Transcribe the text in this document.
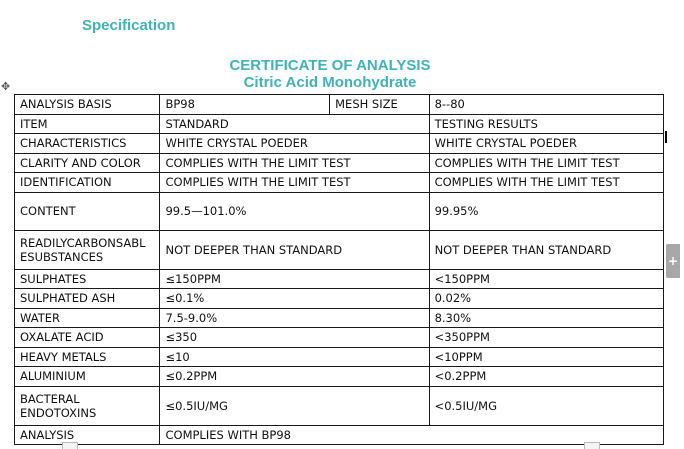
Specification
CERTIFICATE OF ANALYSIS
Citric Acid Monohydrate
✥
+
ANALYSIS BASIS	BP98	MESH SIZE	8--80
ITEM	STANDARD		TESTING RESULTS
CHARACTERISTICS	WHITE CRYSTAL POEDER		WHITE CRYSTAL POEDER
CLARITY AND COLOR	COMPLIES WITH THE LIMIT TEST		COMPLIES WITH THE LIMIT TEST
IDENTIFICATION	COMPLIES WITH THE LIMIT TEST		COMPLIES WITH THE LIMIT TEST
CONTENT	99.5—101.0%		99.95%
READILYCARBONSABL
ESUBSTANCES	NOT DEEPER THAN STANDARD		NOT DEEPER THAN STANDARD
SULPHATES	≤150PPM		<150PPM
SULPHATED ASH	≤0.1%		0.02%
WATER	7.5-9.0%		8.30%
OXALATE ACID	≤350		<350PPM
HEAVY METALS	≤10		<10PPM
ALUMINIUM	≤0.2PPM		<0.2PPM
BACTERAL
ENDOTOXINS	≤0.5IU/MG		<0.5IU/MG
ANALYSIS	COMPLIES WITH BP98		
